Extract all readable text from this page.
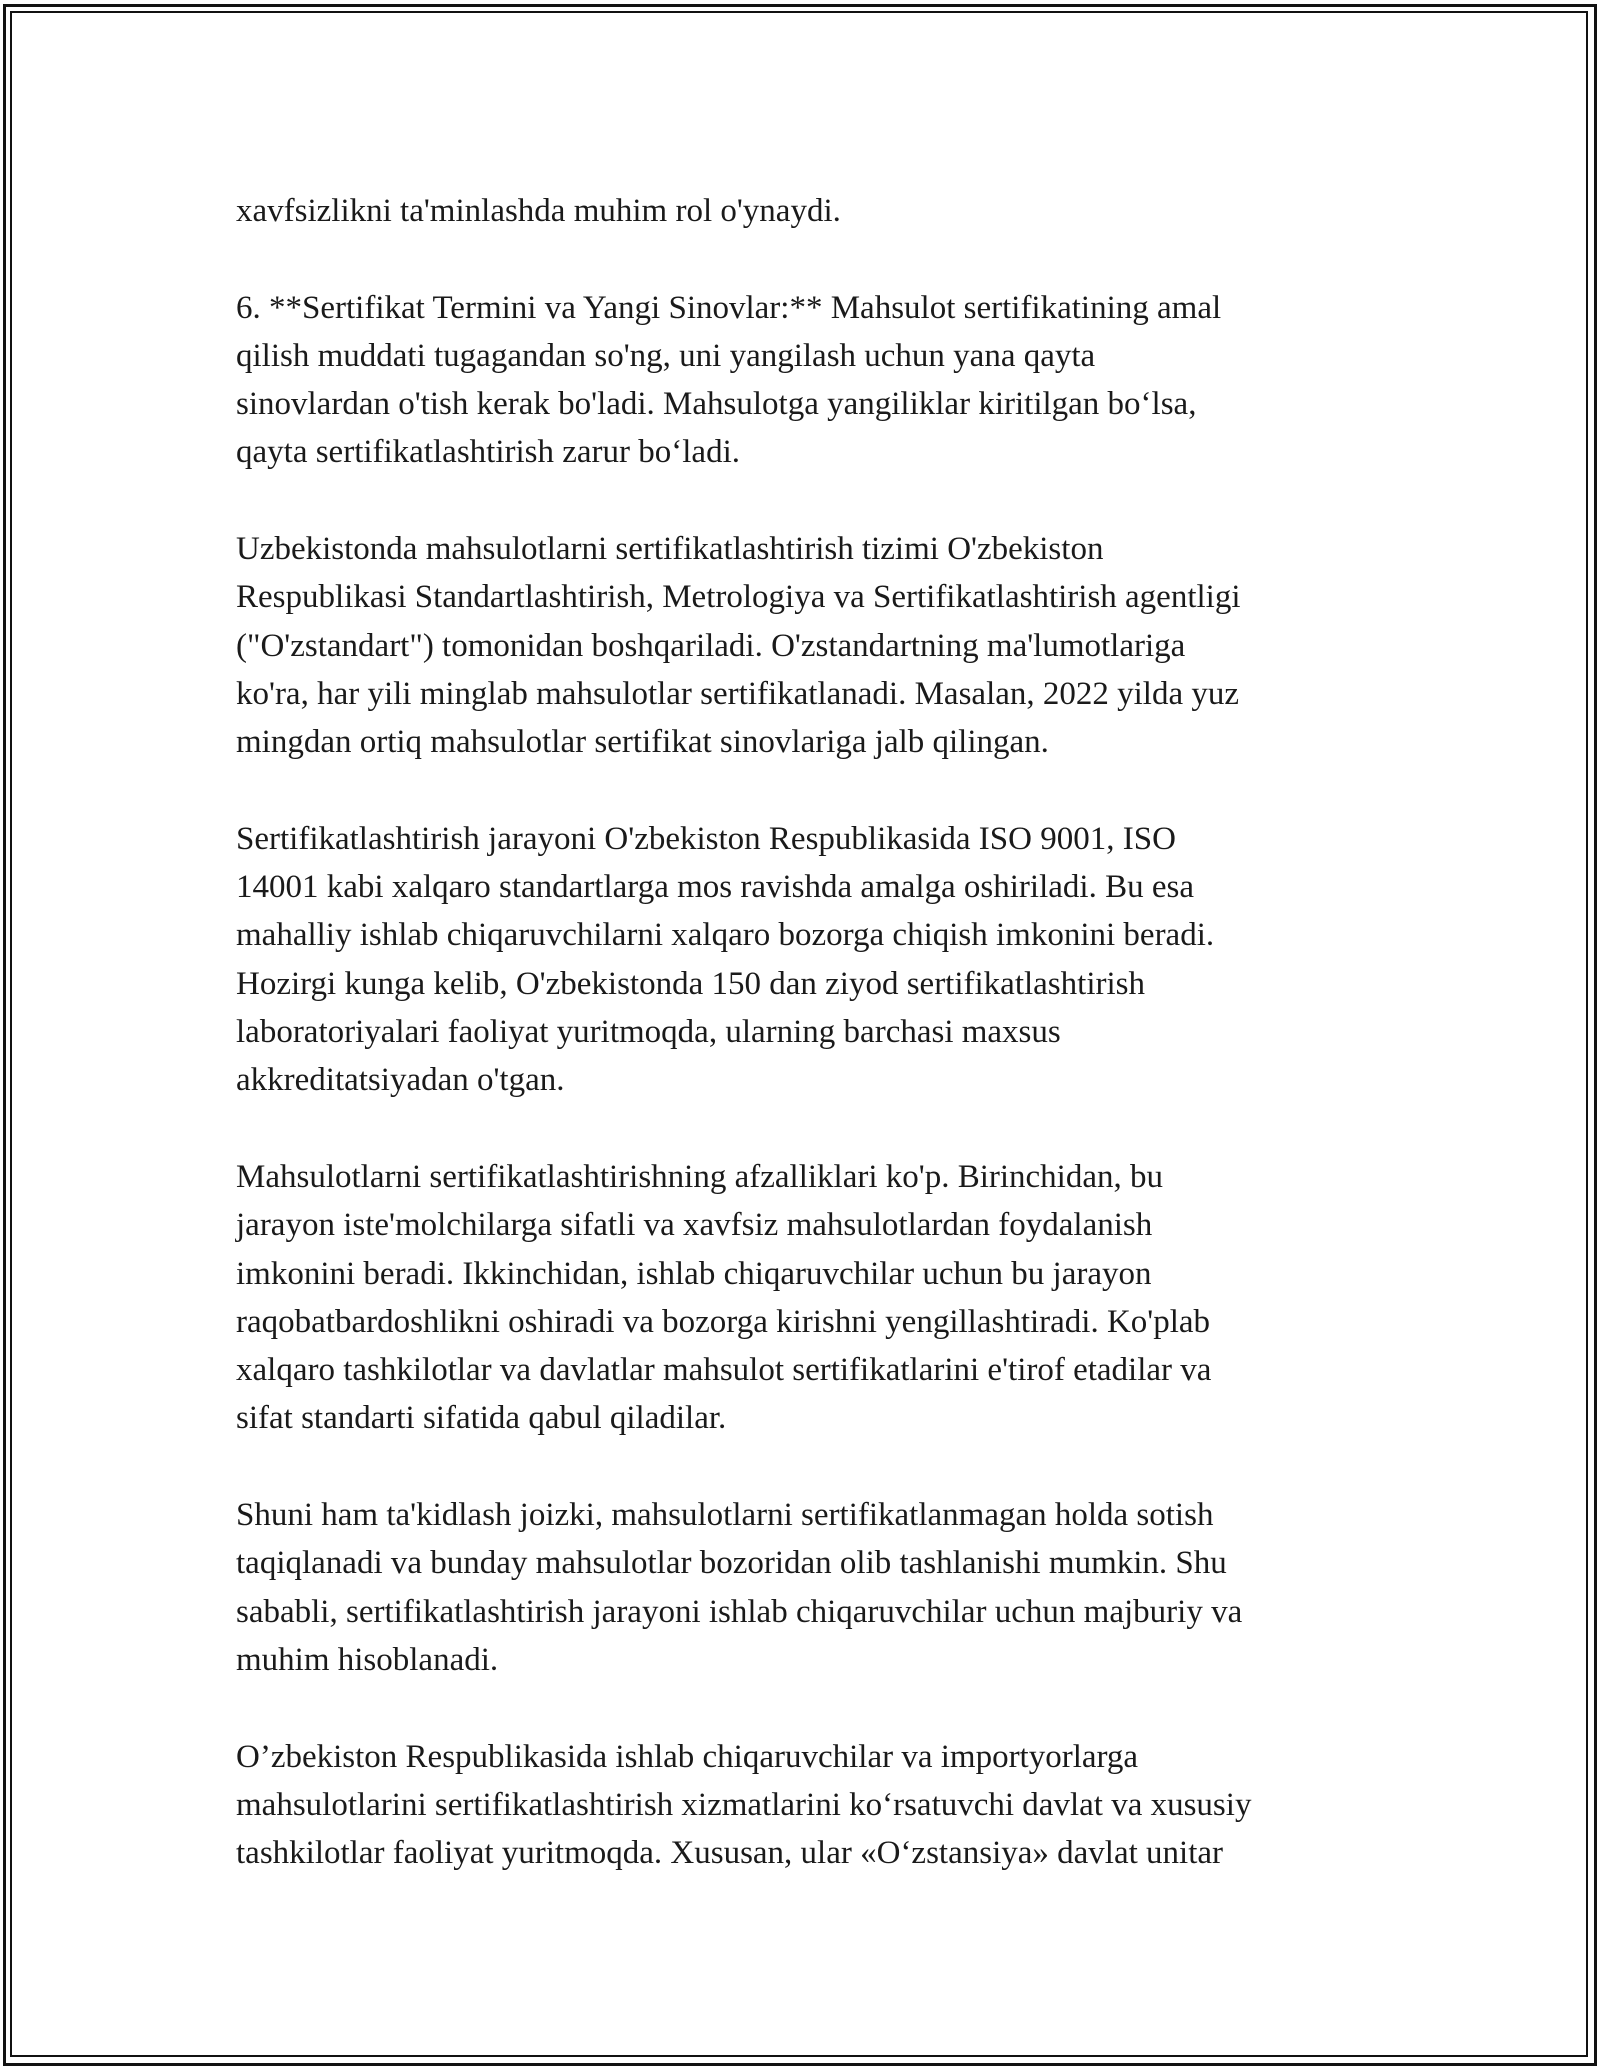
xavfsizlikni ta'minlashda muhim rol o'ynaydi.

6. **Sertifikat Termini va Yangi Sinovlar:** Mahsulot sertifikatining amal
qilish muddati tugagandan so'ng, uni yangilash uchun yana qayta
sinovlardan o'tish kerak bo'ladi. Mahsulotga yangiliklar kiritilgan bo‘lsa,
qayta sertifikatlashtirish zarur bo‘ladi.

Uzbekistonda mahsulotlarni sertifikatlashtirish tizimi O'zbekiston
Respublikasi Standartlashtirish, Metrologiya va Sertifikatlashtirish agentligi
("O'zstandart") tomonidan boshqariladi. O'zstandartning ma'lumotlariga
ko'ra, har yili minglab mahsulotlar sertifikatlanadi. Masalan, 2022 yilda yuz
mingdan ortiq mahsulotlar sertifikat sinovlariga jalb qilingan.

Sertifikatlashtirish jarayoni O'zbekiston Respublikasida ISO 9001, ISO
14001 kabi xalqaro standartlarga mos ravishda amalga oshiriladi. Bu esa
mahalliy ishlab chiqaruvchilarni xalqaro bozorga chiqish imkonini beradi.
Hozirgi kunga kelib, O'zbekistonda 150 dan ziyod sertifikatlashtirish
laboratoriyalari faoliyat yuritmoqda, ularning barchasi maxsus
akkreditatsiyadan o'tgan.

Mahsulotlarni sertifikatlashtirishning afzalliklari ko'p. Birinchidan, bu
jarayon iste'molchilarga sifatli va xavfsiz mahsulotlardan foydalanish
imkonini beradi. Ikkinchidan, ishlab chiqaruvchilar uchun bu jarayon
raqobatbardoshlikni oshiradi va bozorga kirishni yengillashtiradi. Ko'plab
xalqaro tashkilotlar va davlatlar mahsulot sertifikatlarini e'tirof etadilar va
sifat standarti sifatida qabul qiladilar.

Shuni ham ta'kidlash joizki, mahsulotlarni sertifikatlanmagan holda sotish
taqiqlanadi va bunday mahsulotlar bozoridan olib tashlanishi mumkin. Shu
sababli, sertifikatlashtirish jarayoni ishlab chiqaruvchilar uchun majburiy va
muhim hisoblanadi.

O’zbekiston Respublikasida ishlab chiqaruvchilar va importyorlarga
mahsulotlarini sertifikatlashtirish xizmatlarini ko‘rsatuvchi davlat va xususiy
tashkilotlar faoliyat yuritmoqda. Xususan, ular «O‘zstansiya» davlat unitar
